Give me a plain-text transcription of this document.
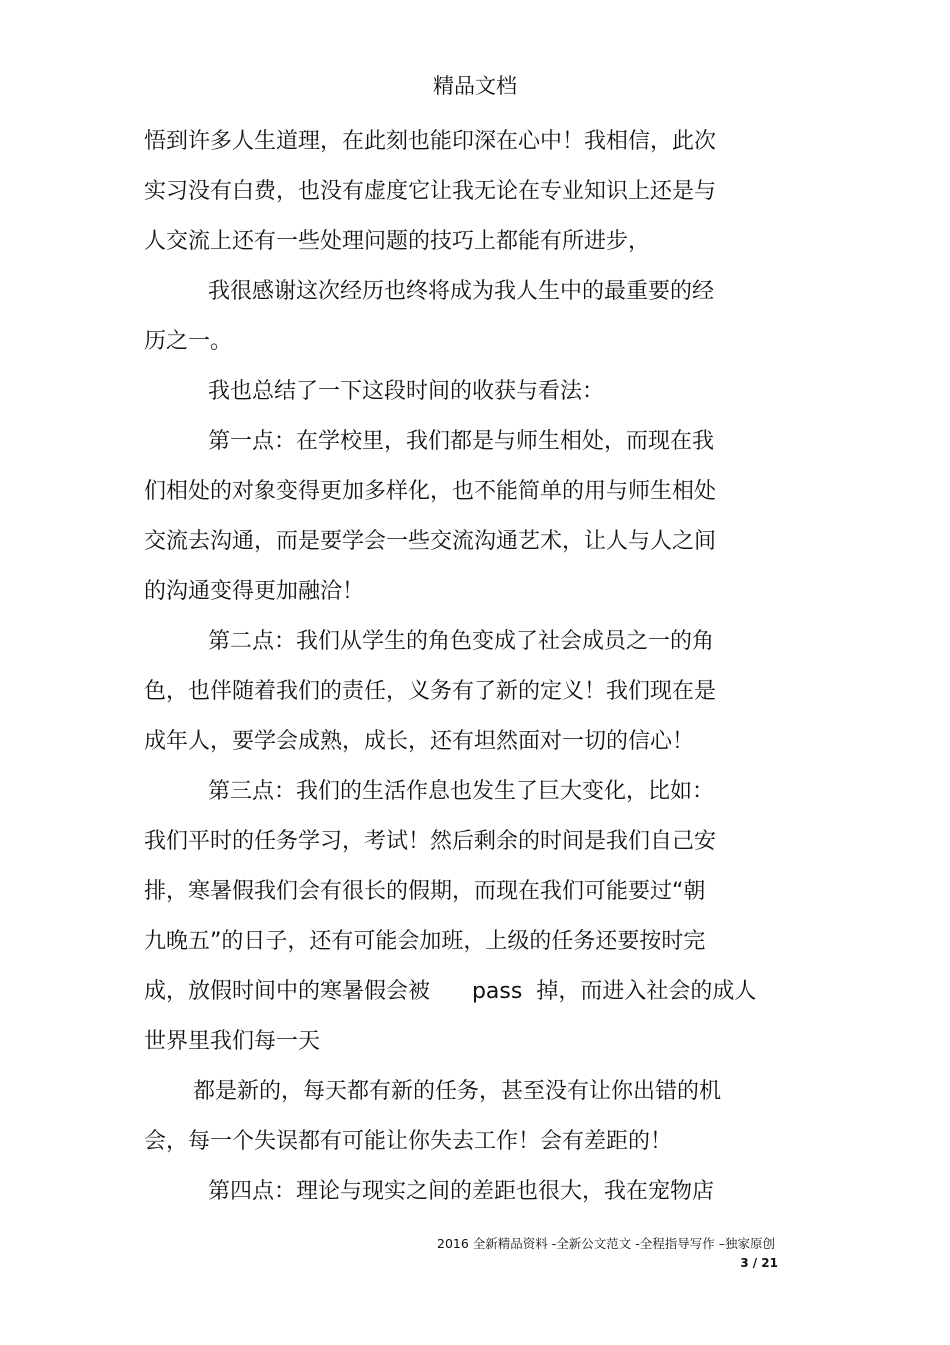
精品文档
悟到许多人生道理，在此刻也能印深在心中！我相信，此次
实习没有白费，也没有虚度它让我无论在专业知识上还是与
人交流上还有一些处理问题的技巧上都能有所进步，
我很感谢这次经历也终将成为我人生中的最重要的经
历之一。
我也总结了一下这段时间的收获与看法：
第一点：在学校里，我们都是与师生相处，而现在我
们相处的对象变得更加多样化，也不能简单的用与师生相处
交流去沟通，而是要学会一些交流沟通艺术，让人与人之间
的沟通变得更加融洽！
第二点：我们从学生的角色变成了社会成员之一的角
色，也伴随着我们的责任，义务有了新的定义！我们现在是
成年人，要学会成熟，成长，还有坦然面对一切的信心！
第三点：我们的生活作息也发生了巨大变化，比如：
我们平时的任务学习，考试！然后剩余的时间是我们自己安
排，寒暑假我们会有很长的假期，而现在我们可能要过“朝
九晚五”的日子，还有可能会加班，上级的任务还要按时完
成，放假时间中的寒暑假会被      pass  掉，而进入社会的成人
世界里我们每一天
都是新的，每天都有新的任务，甚至没有让你出错的机
会，每一个失误都有可能让你失去工作！会有差距的！
第四点：理论与现实之间的差距也很大，我在宠物店
2016 全新精品资料 -全新公文范文 -全程指导写作 –独家原创
3 / 21
